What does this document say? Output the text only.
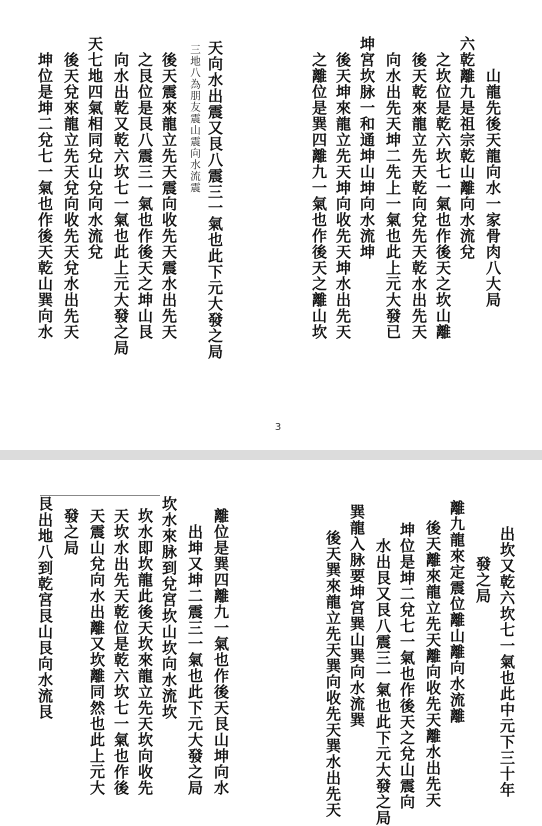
山龍先後天龍向水一家骨肉八大局
六乾離九是祖宗乾山離向水流兌
之坎位是乾六坎七一氣也作後天之坎山離
後天乾來龍立先天乾向兌先天乾水出先天
向水出先天坤二先上一氣也此上元大發已
坤宮坎脉一和通坤山坤向水流坤
後天坤來龍立先天坤向收先天坤水出先天
之離位是巽四離九一氣也作後天之離山坎
天向水出震又艮八震三一氣也此下元大發之局
三地八為朋友震山震向水流震
後天震來龍立先天震向收先天震水出先天
之艮位是艮八震三一氣也作後天之坤山艮
向水出乾又乾六坎七一氣也此上元大發之局
天七地四氣相同兌山兌向水流兌
後天兌來龍立先天兌向收先天兌水出先天
坤位是坤二兌七一氣也作後天乾山巽向水
3
出坎又乾六坎七一氣也此中元下三十年
發之局
離九龍來定震位離山離向水流離
後天離來龍立先天離向收先天離水出先天
坤位是坤二兌七一氣也作後天之兌山震向
水出艮又艮八震三一氣也此下元大發之局
巽龍入脉要坤宮巽山巽向水流巽
後天巽來龍立先天巽向收先天巽水出先天
離位是巽四離九一氣也作後天艮山坤向水
出坤又坤二震三一氣也此下元大發之局
坎水來脉到兌宮坎山坎向水流坎
坎水即坎龍此後天坎來龍立先天坎向收先
天坎水出先天乾位是乾六坎七一氣也作後
天震山兌向水出離又坎離同然也此上元大
發之局
艮出地八到乾宮艮山艮向水流艮
